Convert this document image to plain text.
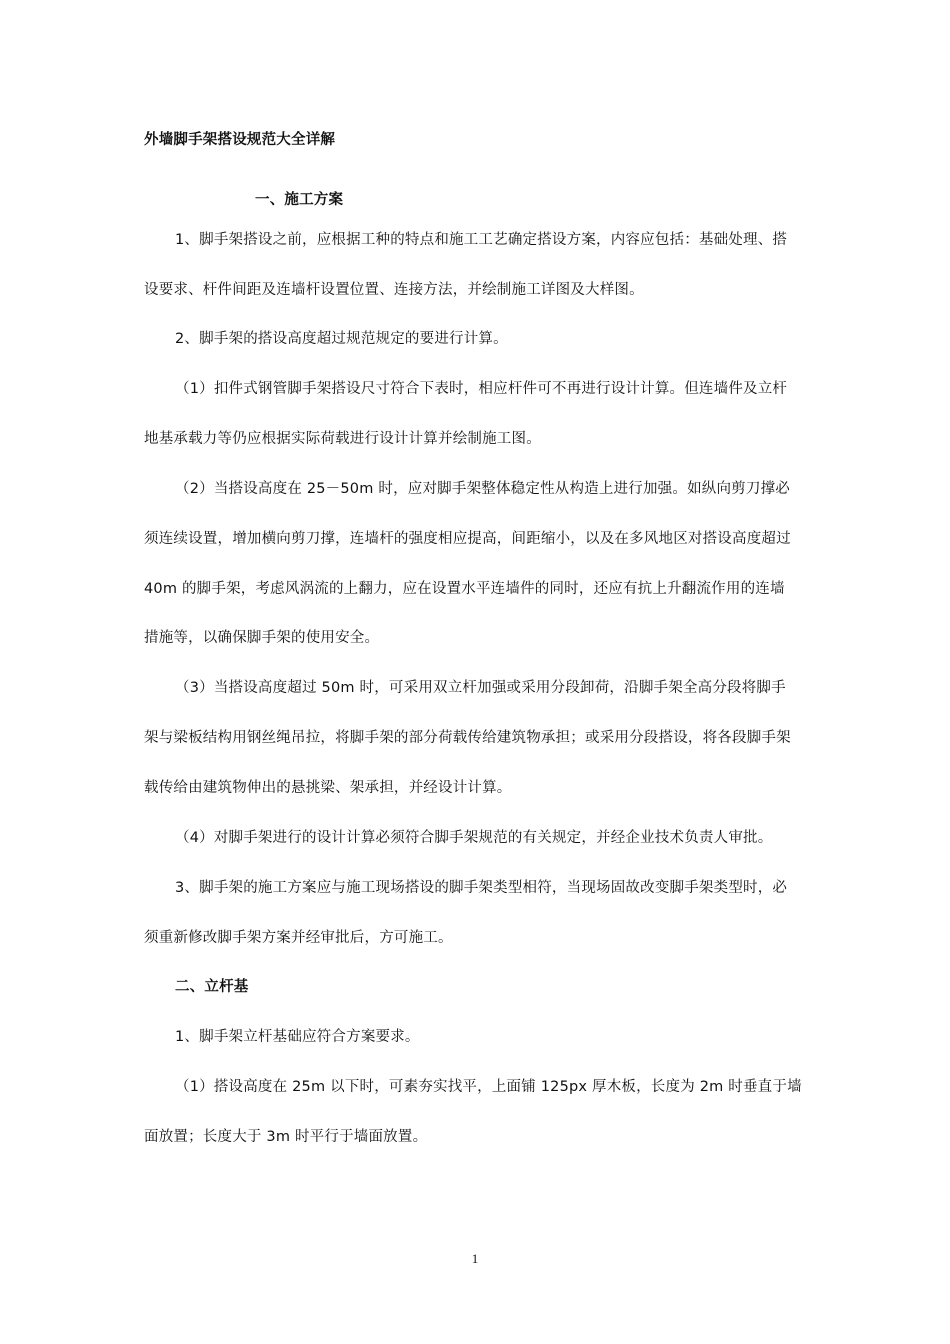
外墙脚手架搭设规范大全详解
一、施工方案
1、脚手架搭设之前，应根据工种的特点和施工工艺确定搭设方案，内容应包括：基础处理、搭
设要求、杆件间距及连墙杆设置位置、连接方法，并绘制施工详图及大样图。
2、脚手架的搭设高度超过规范规定的要进行计算。
（1）扣件式钢管脚手架搭设尺寸符合下表时，相应杆件可不再进行设计计算。但连墙件及立杆
地基承载力等仍应根据实际荷载进行设计计算并绘制施工图。
（2）当搭设高度在 25－50m 时，应对脚手架整体稳定性从构造上进行加强。如纵向剪刀撑必
须连续设置，增加横向剪刀撑，连墙杆的强度相应提高，间距缩小，以及在多风地区对搭设高度超过
40m 的脚手架，考虑风涡流的上翻力，应在设置水平连墙件的同时，还应有抗上升翻流作用的连墙
措施等，以确保脚手架的使用安全。
（3）当搭设高度超过 50m 时，可采用双立杆加强或采用分段卸荷，沿脚手架全高分段将脚手
架与梁板结构用钢丝绳吊拉，将脚手架的部分荷载传给建筑物承担；或采用分段搭设，将各段脚手架
载传给由建筑物伸出的悬挑梁、架承担，并经设计计算。
（4）对脚手架进行的设计计算必须符合脚手架规范的有关规定，并经企业技术负责人审批。
3、脚手架的施工方案应与施工现场搭设的脚手架类型相符，当现场固故改变脚手架类型时，必
须重新修改脚手架方案并经审批后，方可施工。
二、立杆基
1、脚手架立杆基础应符合方案要求。
（1）搭设高度在 25m 以下时，可素夯实找平，上面铺 125px 厚木板，长度为 2m 时垂直于墙
面放置；长度大于 3m 时平行于墙面放置。
1
